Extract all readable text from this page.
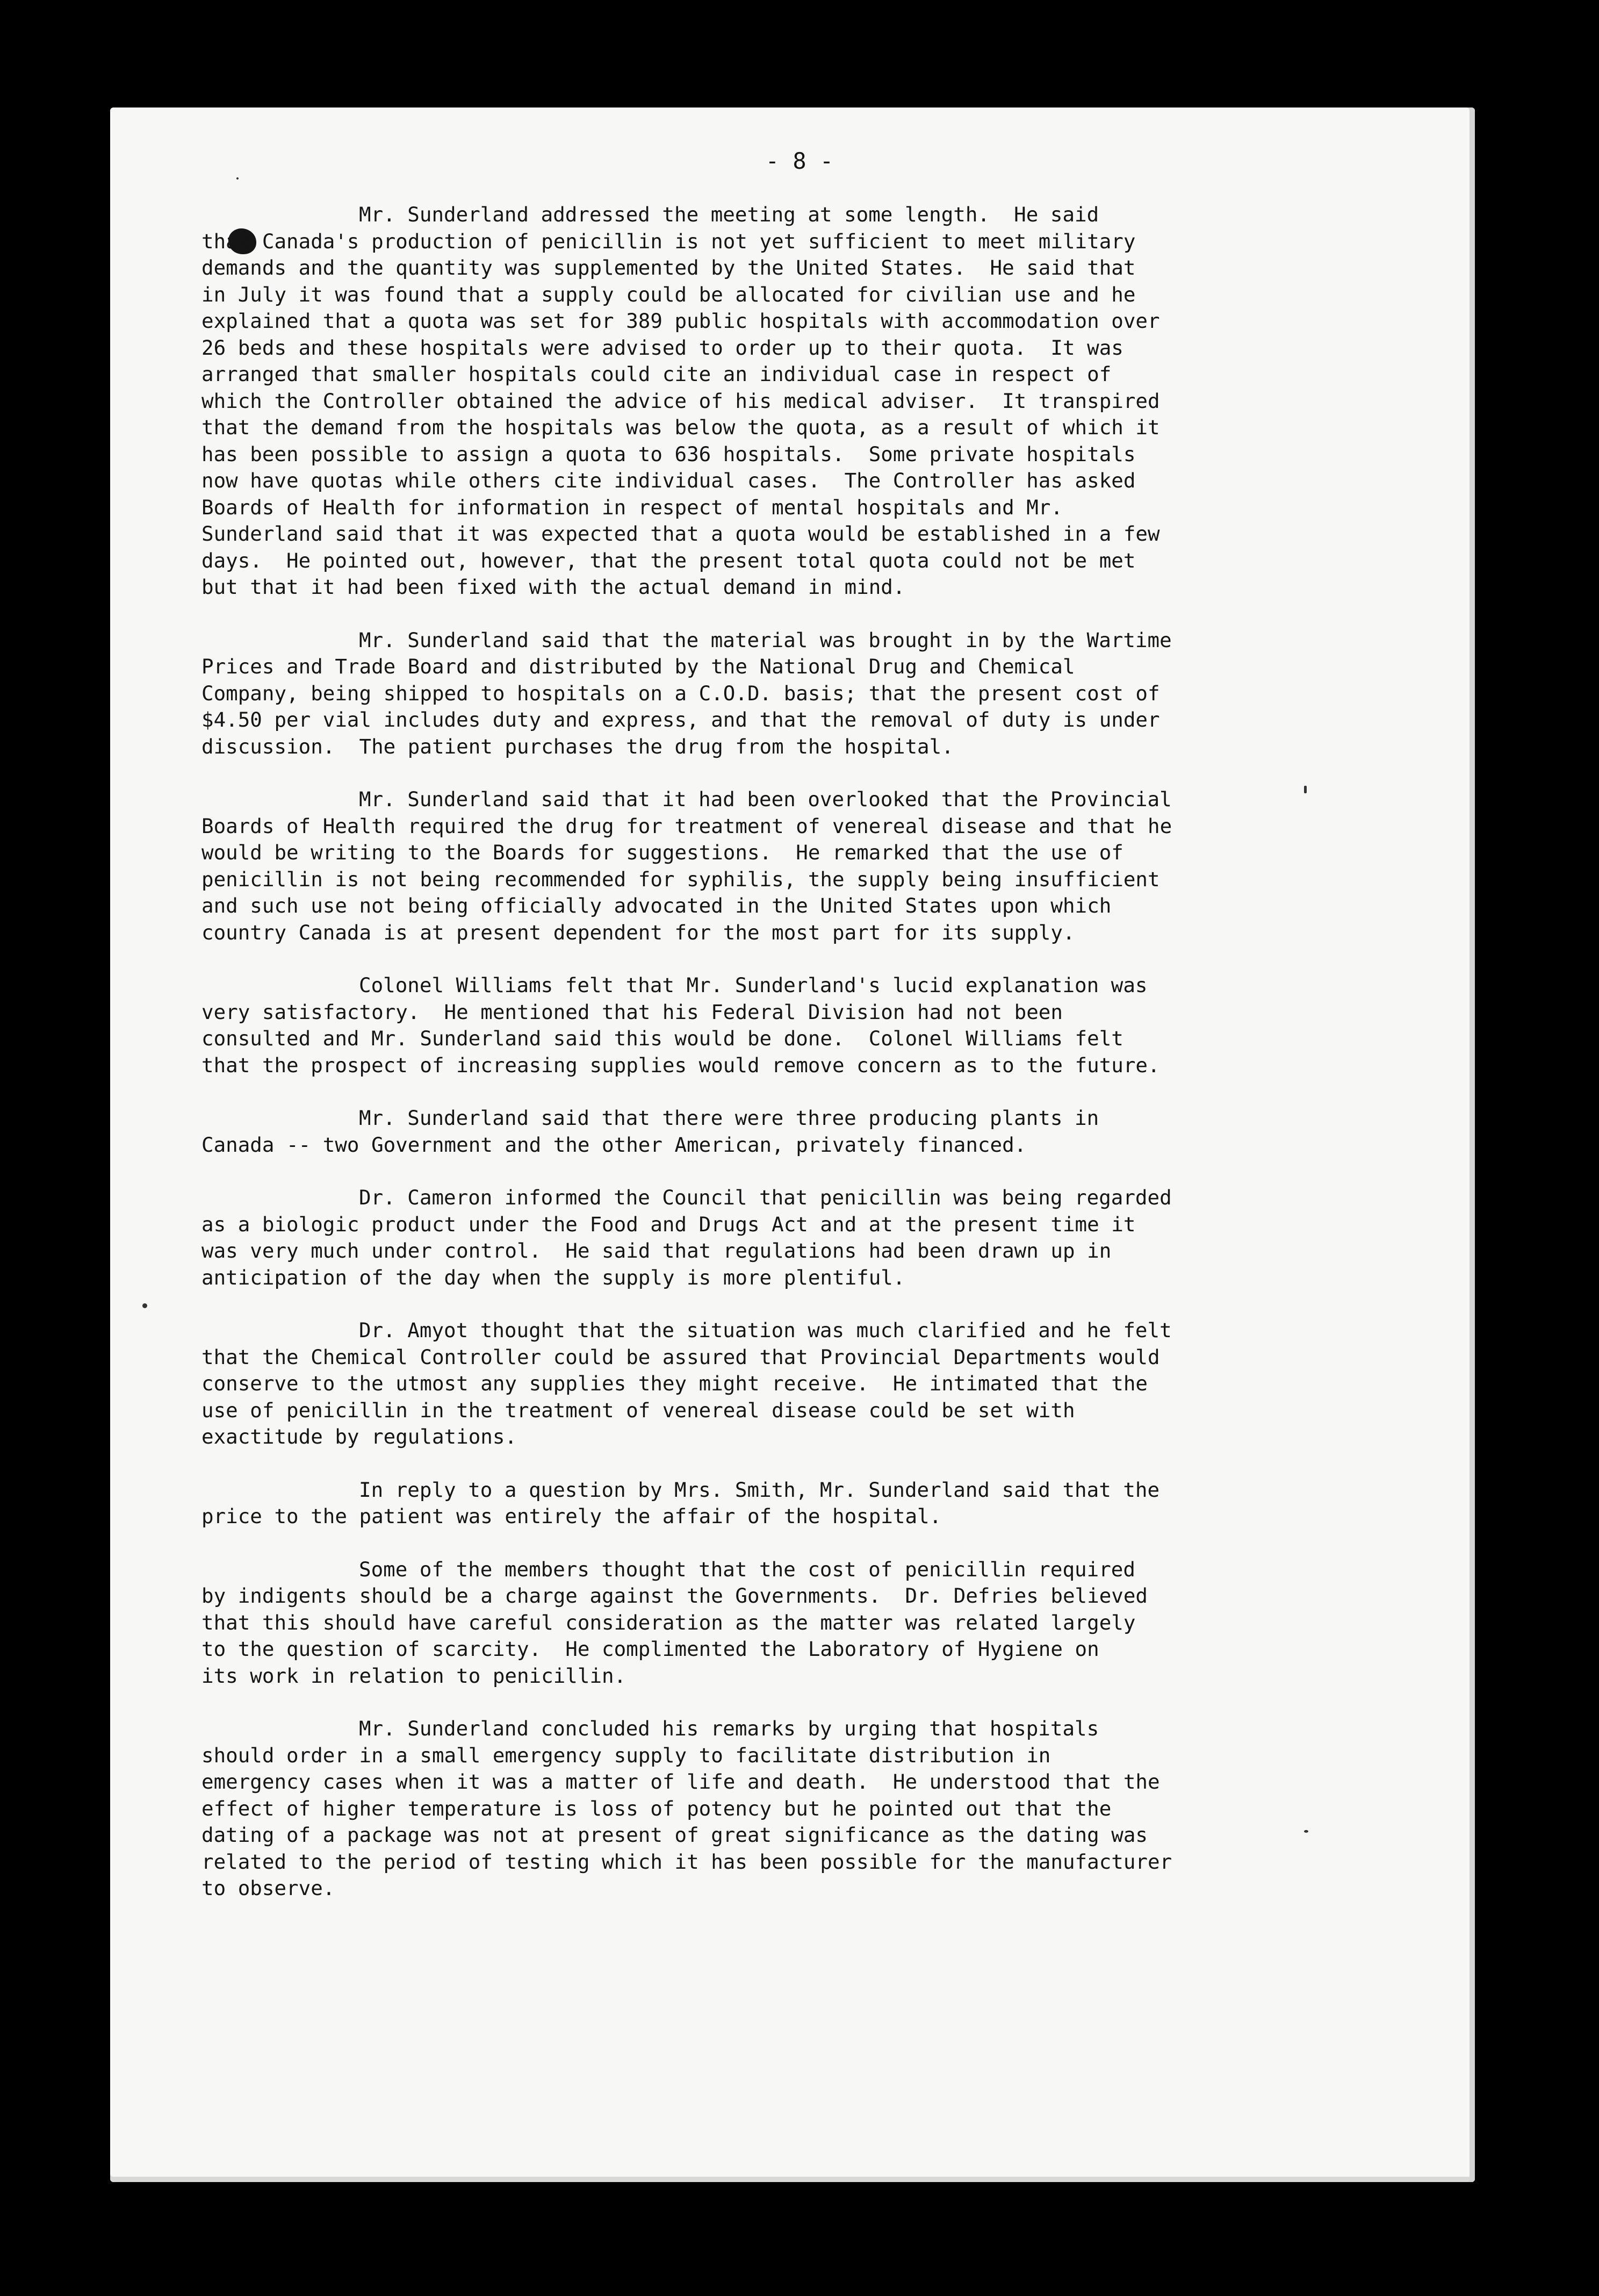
- 8 -
Mr. Sunderland addressed the meeting at some length.  He said
that Canada's production of penicillin is not yet sufficient to meet military
demands and the quantity was supplemented by the United States.  He said that
in July it was found that a supply could be allocated for civilian use and he
explained that a quota was set for 389 public hospitals with accommodation over
26 beds and these hospitals were advised to order up to their quota.  It was
arranged that smaller hospitals could cite an individual case in respect of
which the Controller obtained the advice of his medical adviser.  It transpired
that the demand from the hospitals was below the quota, as a result of which it
has been possible to assign a quota to 636 hospitals.  Some private hospitals
now have quotas while others cite individual cases.  The Controller has asked
Boards of Health for information in respect of mental hospitals and Mr.
Sunderland said that it was expected that a quota would be established in a few
days.  He pointed out, however, that the present total quota could not be met
but that it had been fixed with the actual demand in mind.
Mr. Sunderland said that the material was brought in by the Wartime
Prices and Trade Board and distributed by the National Drug and Chemical
Company, being shipped to hospitals on a C.O.D. basis; that the present cost of
$4.50 per vial includes duty and express, and that the removal of duty is under
discussion.  The patient purchases the drug from the hospital.
Mr. Sunderland said that it had been overlooked that the Provincial
Boards of Health required the drug for treatment of venereal disease and that he
would be writing to the Boards for suggestions.  He remarked that the use of
penicillin is not being recommended for syphilis, the supply being insufficient
and such use not being officially advocated in the United States upon which
country Canada is at present dependent for the most part for its supply.
Colonel Williams felt that Mr. Sunderland's lucid explanation was
very satisfactory.  He mentioned that his Federal Division had not been
consulted and Mr. Sunderland said this would be done.  Colonel Williams felt
that the prospect of increasing supplies would remove concern as to the future.
Mr. Sunderland said that there were three producing plants in
Canada -- two Government and the other American, privately financed.
Dr. Cameron informed the Council that penicillin was being regarded
as a biologic product under the Food and Drugs Act and at the present time it
was very much under control.  He said that regulations had been drawn up in
anticipation of the day when the supply is more plentiful.
Dr. Amyot thought that the situation was much clarified and he felt
that the Chemical Controller could be assured that Provincial Departments would
conserve to the utmost any supplies they might receive.  He intimated that the
use of penicillin in the treatment of venereal disease could be set with
exactitude by regulations.
In reply to a question by Mrs. Smith, Mr. Sunderland said that the
price to the patient was entirely the affair of the hospital.
Some of the members thought that the cost of penicillin required
by indigents should be a charge against the Governments.  Dr. Defries believed
that this should have careful consideration as the matter was related largely
to the question of scarcity.  He complimented the Laboratory of Hygiene on
its work in relation to penicillin.
Mr. Sunderland concluded his remarks by urging that hospitals
should order in a small emergency supply to facilitate distribution in
emergency cases when it was a matter of life and death.  He understood that the
effect of higher temperature is loss of potency but he pointed out that the
dating of a package was not at present of great significance as the dating was
related to the period of testing which it has been possible for the manufacturer
to observe.
